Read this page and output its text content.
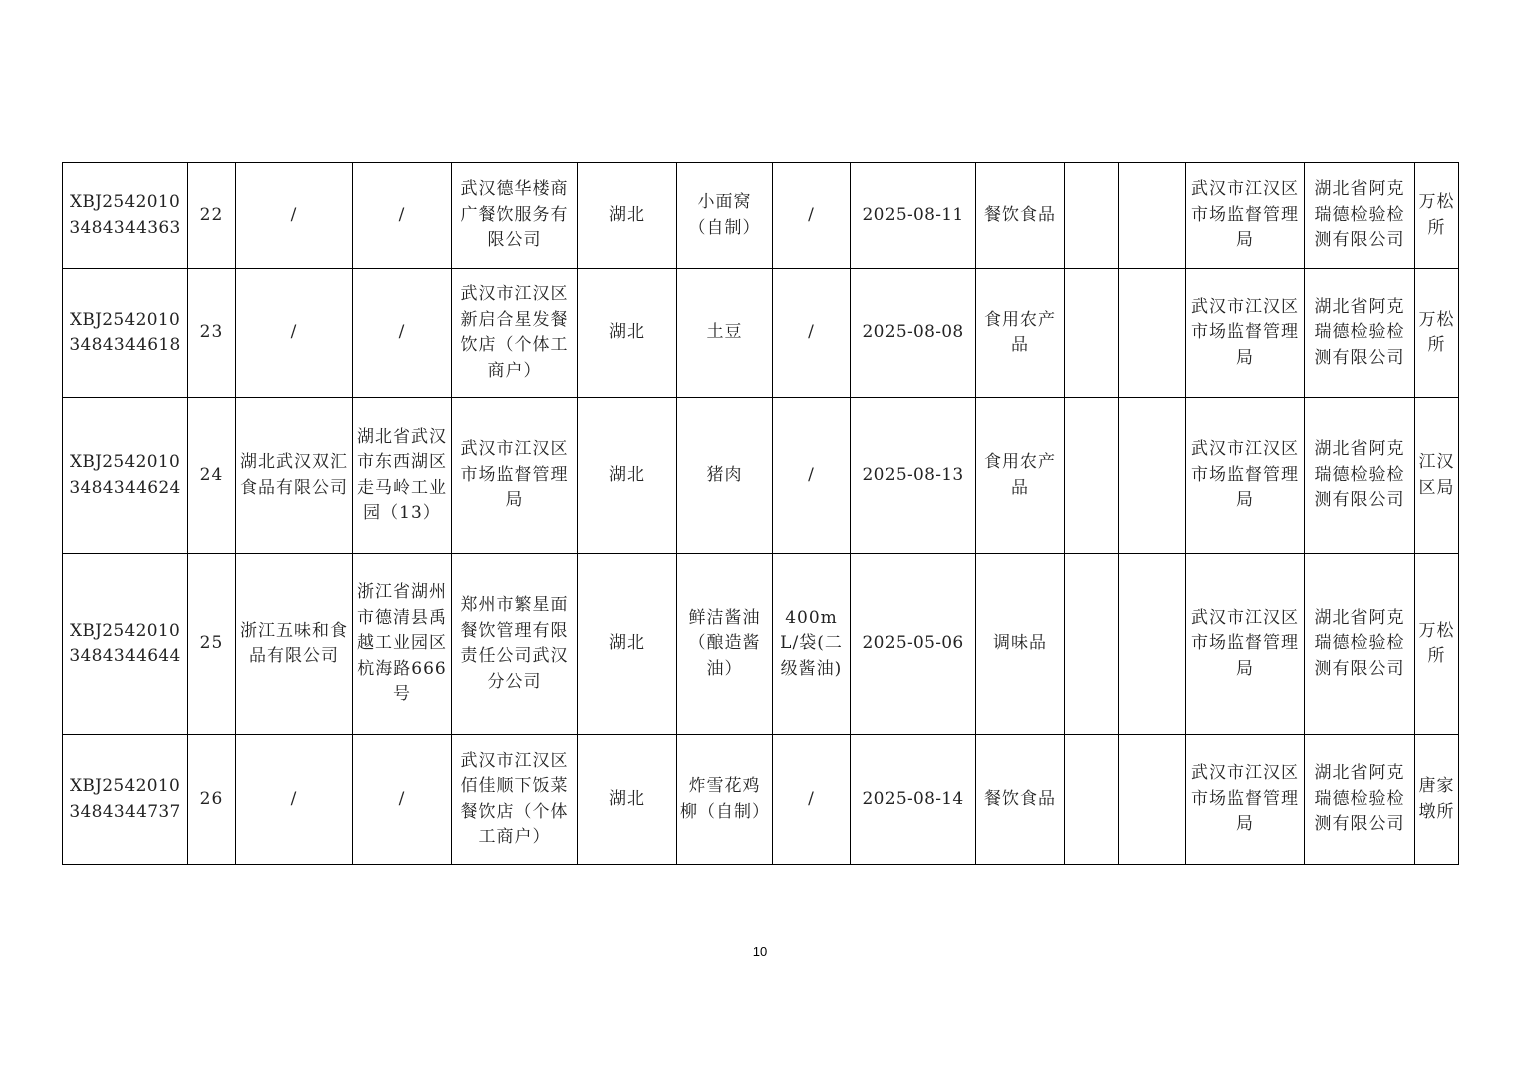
XBJ25420103484344363	22	/	/	武汉德华楼商广餐饮服务有限公司	湖北	小面窝（自制）	/	2025-08-11	餐饮食品			武汉市江汉区市场监督管理局	湖北省阿克瑞德检验检测有限公司	万松所
XBJ25420103484344618	23	/	/	武汉市江汉区新启合星发餐饮店（个体工商户）	湖北	土豆	/	2025-08-08	食用农产品			武汉市江汉区市场监督管理局	湖北省阿克瑞德检验检测有限公司	万松所
XBJ25420103484344624	24	湖北武汉双汇食品有限公司	湖北省武汉市东西湖区走马岭工业园（13）	武汉市江汉区市场监督管理局	湖北	猪肉	/	2025-08-13	食用农产品			武汉市江汉区市场监督管理局	湖北省阿克瑞德检验检测有限公司	江汉区局
XBJ25420103484344644	25	浙江五味和食品有限公司	浙江省湖州市德清县禹越工业园区杭海路666号	郑州市繁星面餐饮管理有限责任公司武汉分公司	湖北	鲜洁酱油（酿造酱油）	400mL/袋(二级酱油)	2025-05-06	调味品			武汉市江汉区市场监督管理局	湖北省阿克瑞德检验检测有限公司	万松所
XBJ25420103484344737	26	/	/	武汉市江汉区佰佳顺下饭菜餐饮店（个体工商户）	湖北	炸雪花鸡柳（自制）	/	2025-08-14	餐饮食品			武汉市江汉区市场监督管理局	湖北省阿克瑞德检验检测有限公司	唐家墩所
10
